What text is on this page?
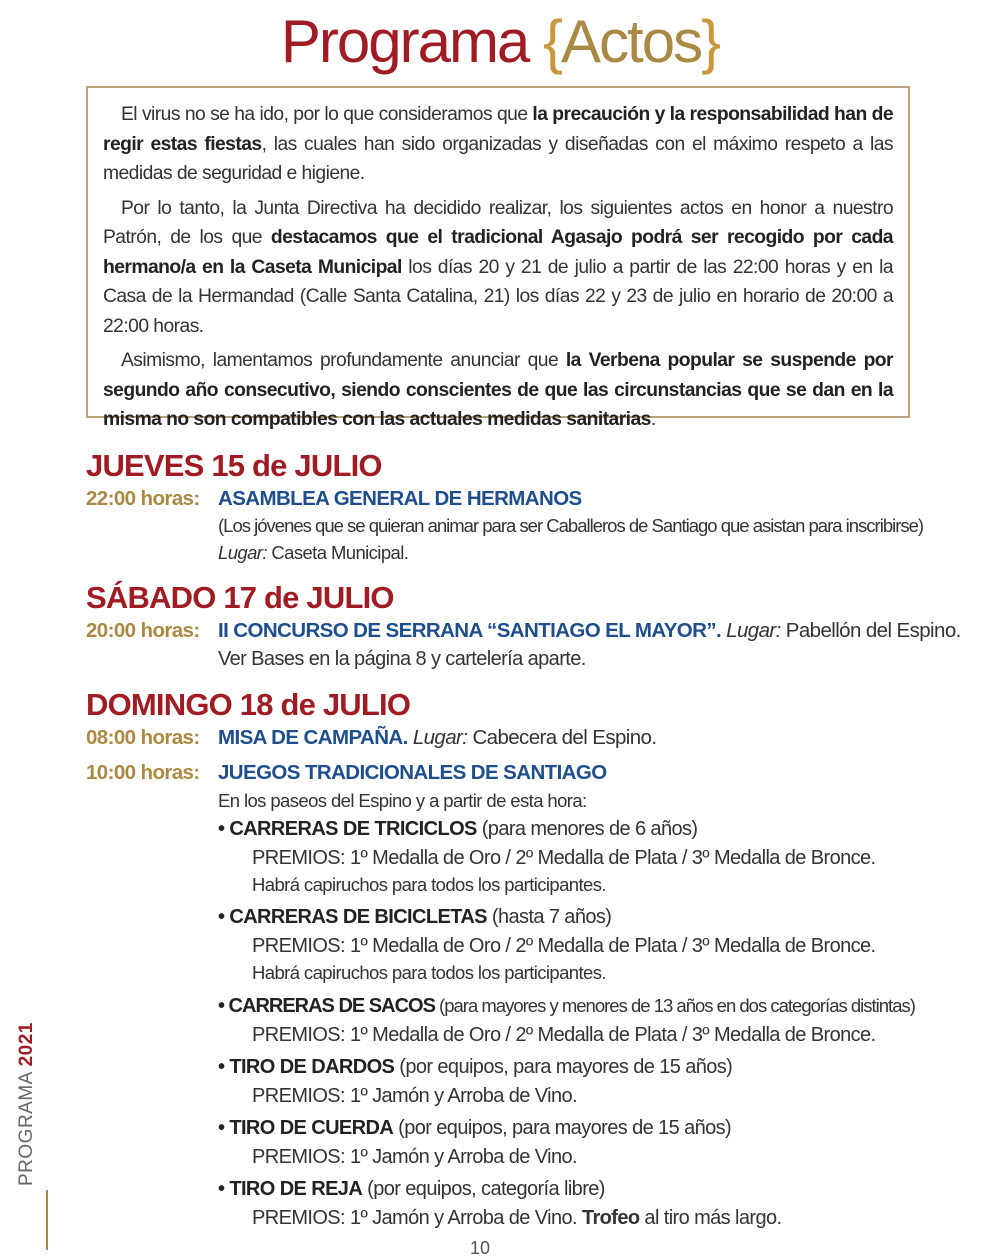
Programa {Actos}

El virus no se ha ido, por lo que consideramos que la precaución y la responsabilidad han de regir estas fiestas, las cuales han sido organizadas y diseñadas con el máximo respeto a las medidas de seguridad e higiene.

Por lo tanto, la Junta Directiva ha decidido realizar, los siguientes actos en honor a nuestro Patrón, de los que destacamos que el tradicional Agasajo podrá ser recogido por cada hermano/a en la Caseta Municipal los días 20 y 21 de julio a partir de las 22:00 horas y en la Casa de la Hermandad (Calle Santa Catalina, 21) los días 22 y 23 de julio en horario de 20:00 a 22:00 horas.

Asimismo, lamentamos profundamente anunciar que la Verbena popular se suspende por segundo año consecutivo, siendo conscientes de que las circunstancias que se dan en la misma no son compatibles con las actuales medidas sanitarias.

JUEVES 15 de JULIO
22:00 horas: ASAMBLEA GENERAL DE HERMANOS
(Los jóvenes que se quieran animar para ser Caballeros de Santiago que asistan para inscribirse)
Lugar: Caseta Municipal.
SÁBADO 17 de JULIO
20:00 horas: II CONCURSO DE SERRANA “SANTIAGO EL MAYOR”. Lugar: Pabellón del Espino.
Ver Bases en la página 8 y cartelería aparte.
DOMINGO 18 de JULIO
08:00 horas: MISA DE CAMPAÑA. Lugar: Cabecera del Espino.
10:00 horas: JUEGOS TRADICIONALES DE SANTIAGO
En los paseos del Espino y a partir de esta hora:
• CARRERAS DE TRICICLOS (para menores de 6 años)
PREMIOS: 1º Medalla de Oro / 2º Medalla de Plata / 3º Medalla de Bronce.
Habrá capiruchos para todos los participantes.
• CARRERAS DE BICICLETAS (hasta 7 años)
PREMIOS: 1º Medalla de Oro / 2º Medalla de Plata / 3º Medalla de Bronce.
Habrá capiruchos para todos los participantes.
• CARRERAS DE SACOS (para mayores y menores de 13 años en dos categorías distintas)
PREMIOS: 1º Medalla de Oro / 2º Medalla de Plata / 3º Medalla de Bronce.
• TIRO DE DARDOS (por equipos, para mayores de 15 años)
PREMIOS: 1º Jamón y Arroba de Vino.
• TIRO DE CUERDA (por equipos, para mayores de 15 años)
PREMIOS: 1º Jamón y Arroba de Vino.
• TIRO DE REJA (por equipos, categoría libre)
PREMIOS: 1º Jamón y Arroba de Vino. Trofeo al tiro más largo.
PROGRAMA 2021
10
